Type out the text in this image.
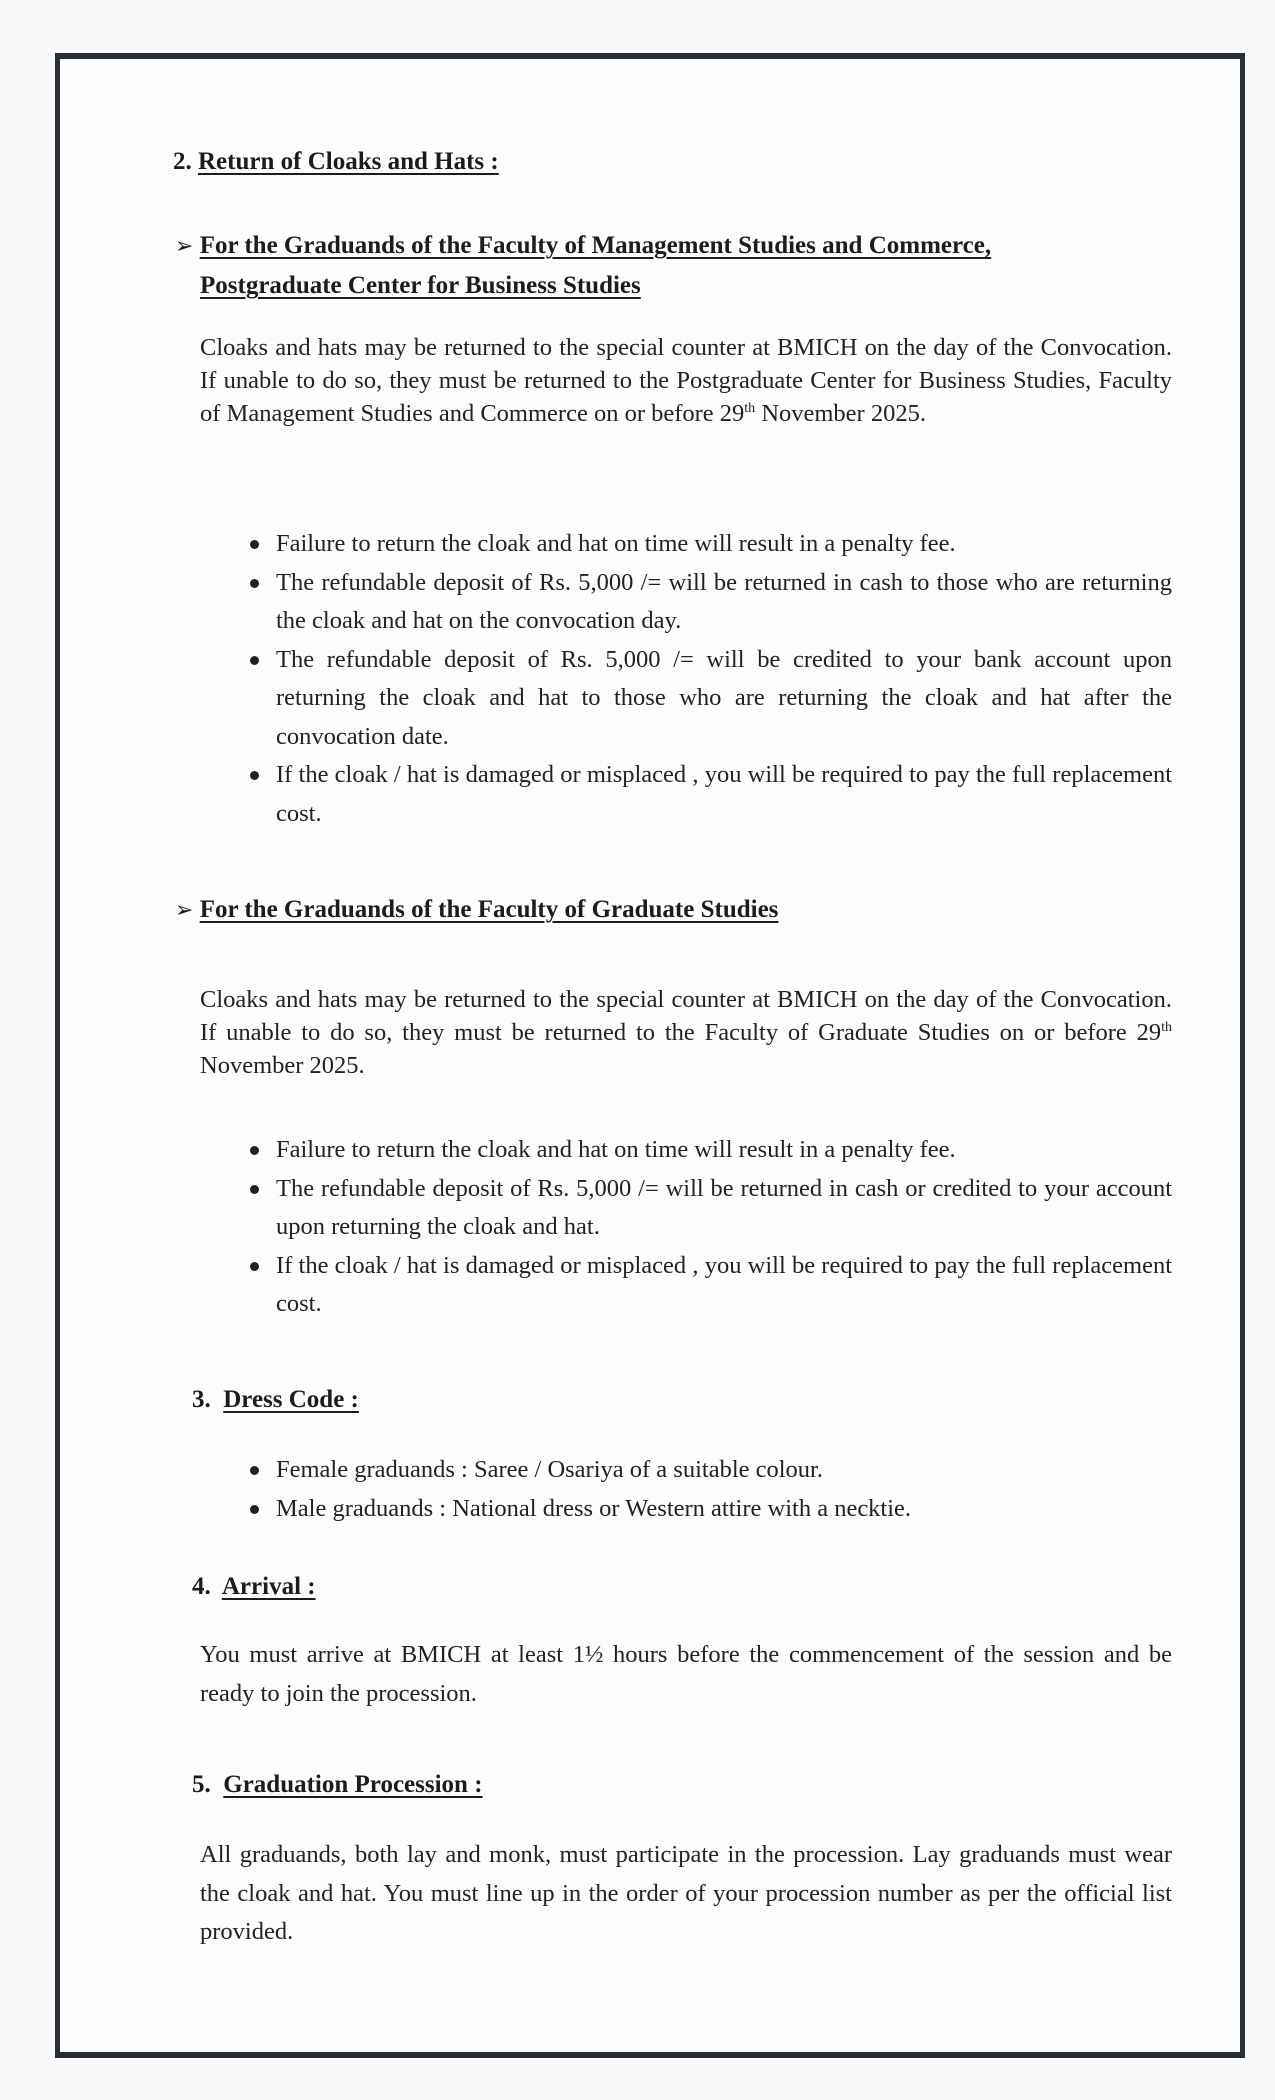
2. Return of Cloaks and Hats :
➢ For the Graduands of the Faculty of Management Studies and Commerce,
Postgraduate Center for Business Studies

Cloaks and hats may be returned to the special counter at BMICH on the day of the Convocation. If unable to do so, they must be returned to the Postgraduate Center for Business Studies, Faculty of Management Studies and Commerce on or before 29th November 2025.

Failure to return the cloak and hat on time will result in a penalty fee.
The refundable deposit of Rs. 5,000 /= will be returned in cash to those who are returning the cloak and hat on the convocation day.
The refundable deposit of Rs. 5,000 /= will be credited to your bank account upon returning the cloak and hat to those who are returning the cloak and hat after the convocation date.
If the cloak / hat is damaged or misplaced , you will be required to pay the full replacement cost.
➢ For the Graduands of the Faculty of Graduate Studies

Cloaks and hats may be returned to the special counter at BMICH on the day of the Convocation. If unable to do so, they must be returned to the Faculty of Graduate Studies on or before 29th November 2025.

Failure to return the cloak and hat on time will result in a penalty fee.
The refundable deposit of Rs. 5,000 /= will be returned in cash or credited to your account upon returning the cloak and hat.
If the cloak / hat is damaged or misplaced , you will be required to pay the full replacement cost.
3. Dress Code :
Female graduands : Saree / Osariya of a suitable colour.
Male graduands : National dress or Western attire with a necktie.
4. Arrival :

You must arrive at BMICH at least 1½ hours before the commencement of the session and be ready to join the procession.

5. Graduation Procession :

All graduands, both lay and monk, must participate in the procession. Lay graduands must wear the cloak and hat. You must line up in the order of your procession number as per the official list provided.
